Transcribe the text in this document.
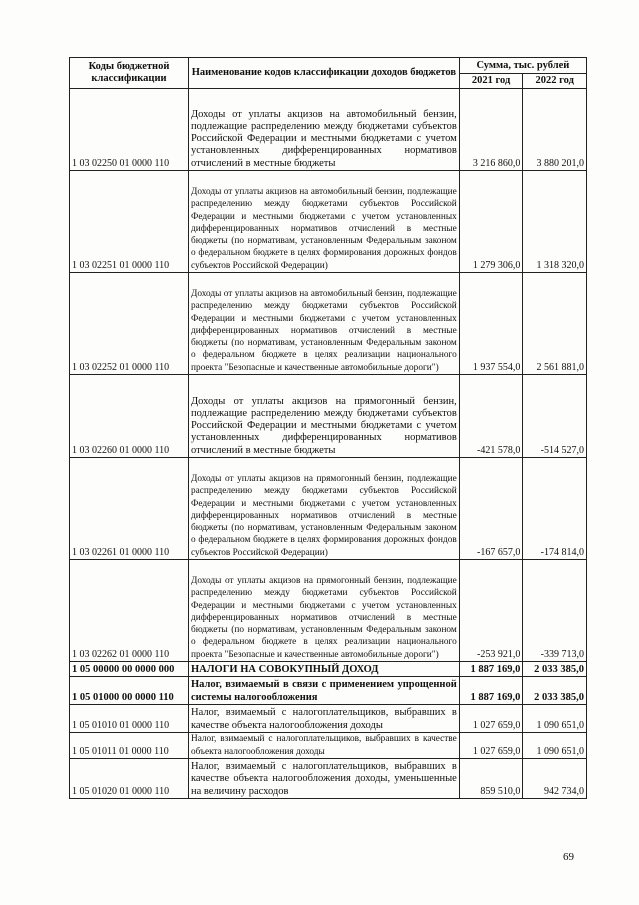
Коды бюджетной классификации	Наименование кодов классификации доходов бюджетов	Сумма, тыс. рублей	
		2021 год	2022 год
1 03 02250 01 0000 110	Доходы от уплаты акцизов на автомобильный бензин, подлежащие распределению между бюджетами субъектов Российской Федерации и местными бюджетами с учетом установленных дифференцированных нормативов отчислений в местные бюджеты	3 216 860,0	3 880 201,0
1 03 02251 01 0000 110	Доходы от уплаты акцизов на автомобильный бензин, подлежащие распределению между бюджетами субъектов Российской Федерации и местными бюджетами с учетом установленных дифференцированных нормативов отчислений в местные бюджеты (по нормативам, установленным Федеральным законом о федеральном бюджете в целях формирования дорожных фондов субъектов Российской Федерации)	1 279 306,0	1 318 320,0
1 03 02252 01 0000 110	Доходы от уплаты акцизов на автомобильный бензин, подлежащие распределению между бюджетами субъектов Российской Федерации и местными бюджетами с учетом установленных дифференцированных нормативов отчислений в местные бюджеты (по нормативам, установленным Федеральным законом о федеральном бюджете в целях реализации национального проекта "Безопасные и качественные автомобильные дороги")	1 937 554,0	2 561 881,0
1 03 02260 01 0000 110	Доходы от уплаты акцизов на прямогонный бензин, подлежащие распределению между бюджетами субъектов Российской Федерации и местными бюджетами с учетом установленных дифференцированных нормативов отчислений в местные бюджеты	-421 578,0	-514 527,0
1 03 02261 01 0000 110	Доходы от уплаты акцизов на прямогонный бензин, подлежащие распределению между бюджетами субъектов Российской Федерации и местными бюджетами с учетом установленных дифференцированных нормативов отчислений в местные бюджеты (по нормативам, установленным Федеральным законом о федеральном бюджете в целях формирования дорожных фондов субъектов Российской Федерации)	-167 657,0	-174 814,0
1 03 02262 01 0000 110	Доходы от уплаты акцизов на прямогонный бензин, подлежащие распределению между бюджетами субъектов Российской Федерации и местными бюджетами с учетом установленных дифференцированных нормативов отчислений в местные бюджеты (по нормативам, установленным Федеральным законом о федеральном бюджете в целях реализации национального проекта "Безопасные и качественные автомобильные дороги")	-253 921,0	-339 713,0
1 05 00000 00 0000 000	НАЛОГИ НА СОВОКУПНЫЙ ДОХОД	1 887 169,0	2 033 385,0
1 05 01000 00 0000 110	Налог, взимаемый в связи с применением упрощенной системы налогообложения	1 887 169,0	2 033 385,0
1 05 01010 01 0000 110	Налог, взимаемый с налогоплательщиков, выбравших в качестве объекта налогообложения доходы	1 027 659,0	1 090 651,0
1 05 01011 01 0000 110	Налог, взимаемый с налогоплательщиков, выбравших в качестве объекта налогообложения доходы	1 027 659,0	1 090 651,0
1 05 01020 01 0000 110	Налог, взимаемый с налогоплательщиков, выбравших в качестве объекта налогообложения доходы, уменьшенные на величину расходов	859 510,0	942 734,0
69
